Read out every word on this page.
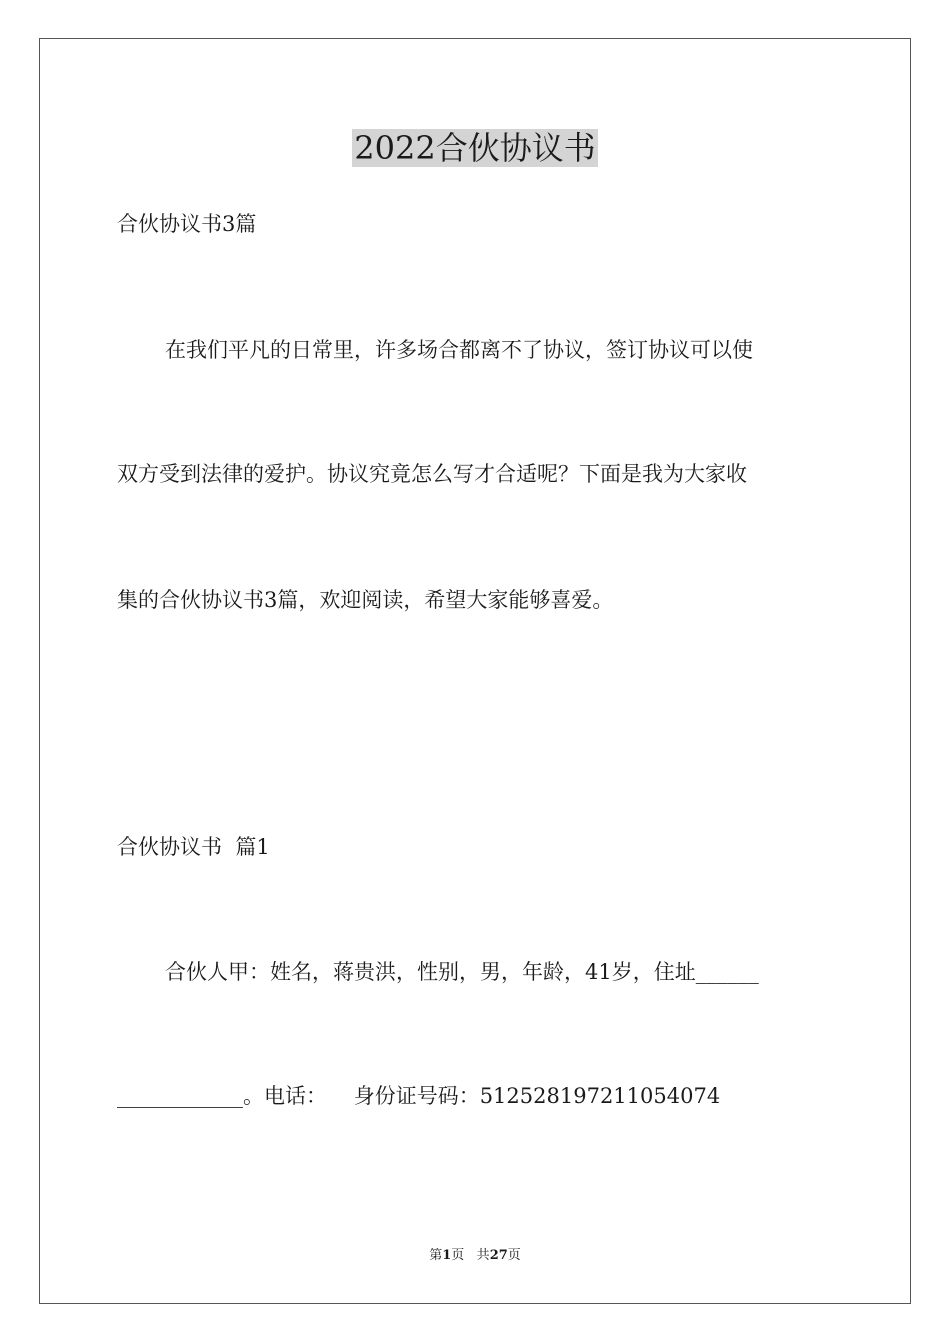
2022合伙协议书

合伙协议书3篇

在我们平凡的日常里，许多场合都离不了协议，签订协议可以使

双方受到法律的爱护。协议究竟怎么写才合适呢？下面是我为大家收

集的合伙协议书3篇，欢迎阅读，希望大家能够喜爱。

合伙协议书  篇1

合伙人甲：姓名，蒋贵洪，性别，男，年龄，41岁，住址______

____________。电话：    身份证号码：512528197211054074

第1页 共27页
